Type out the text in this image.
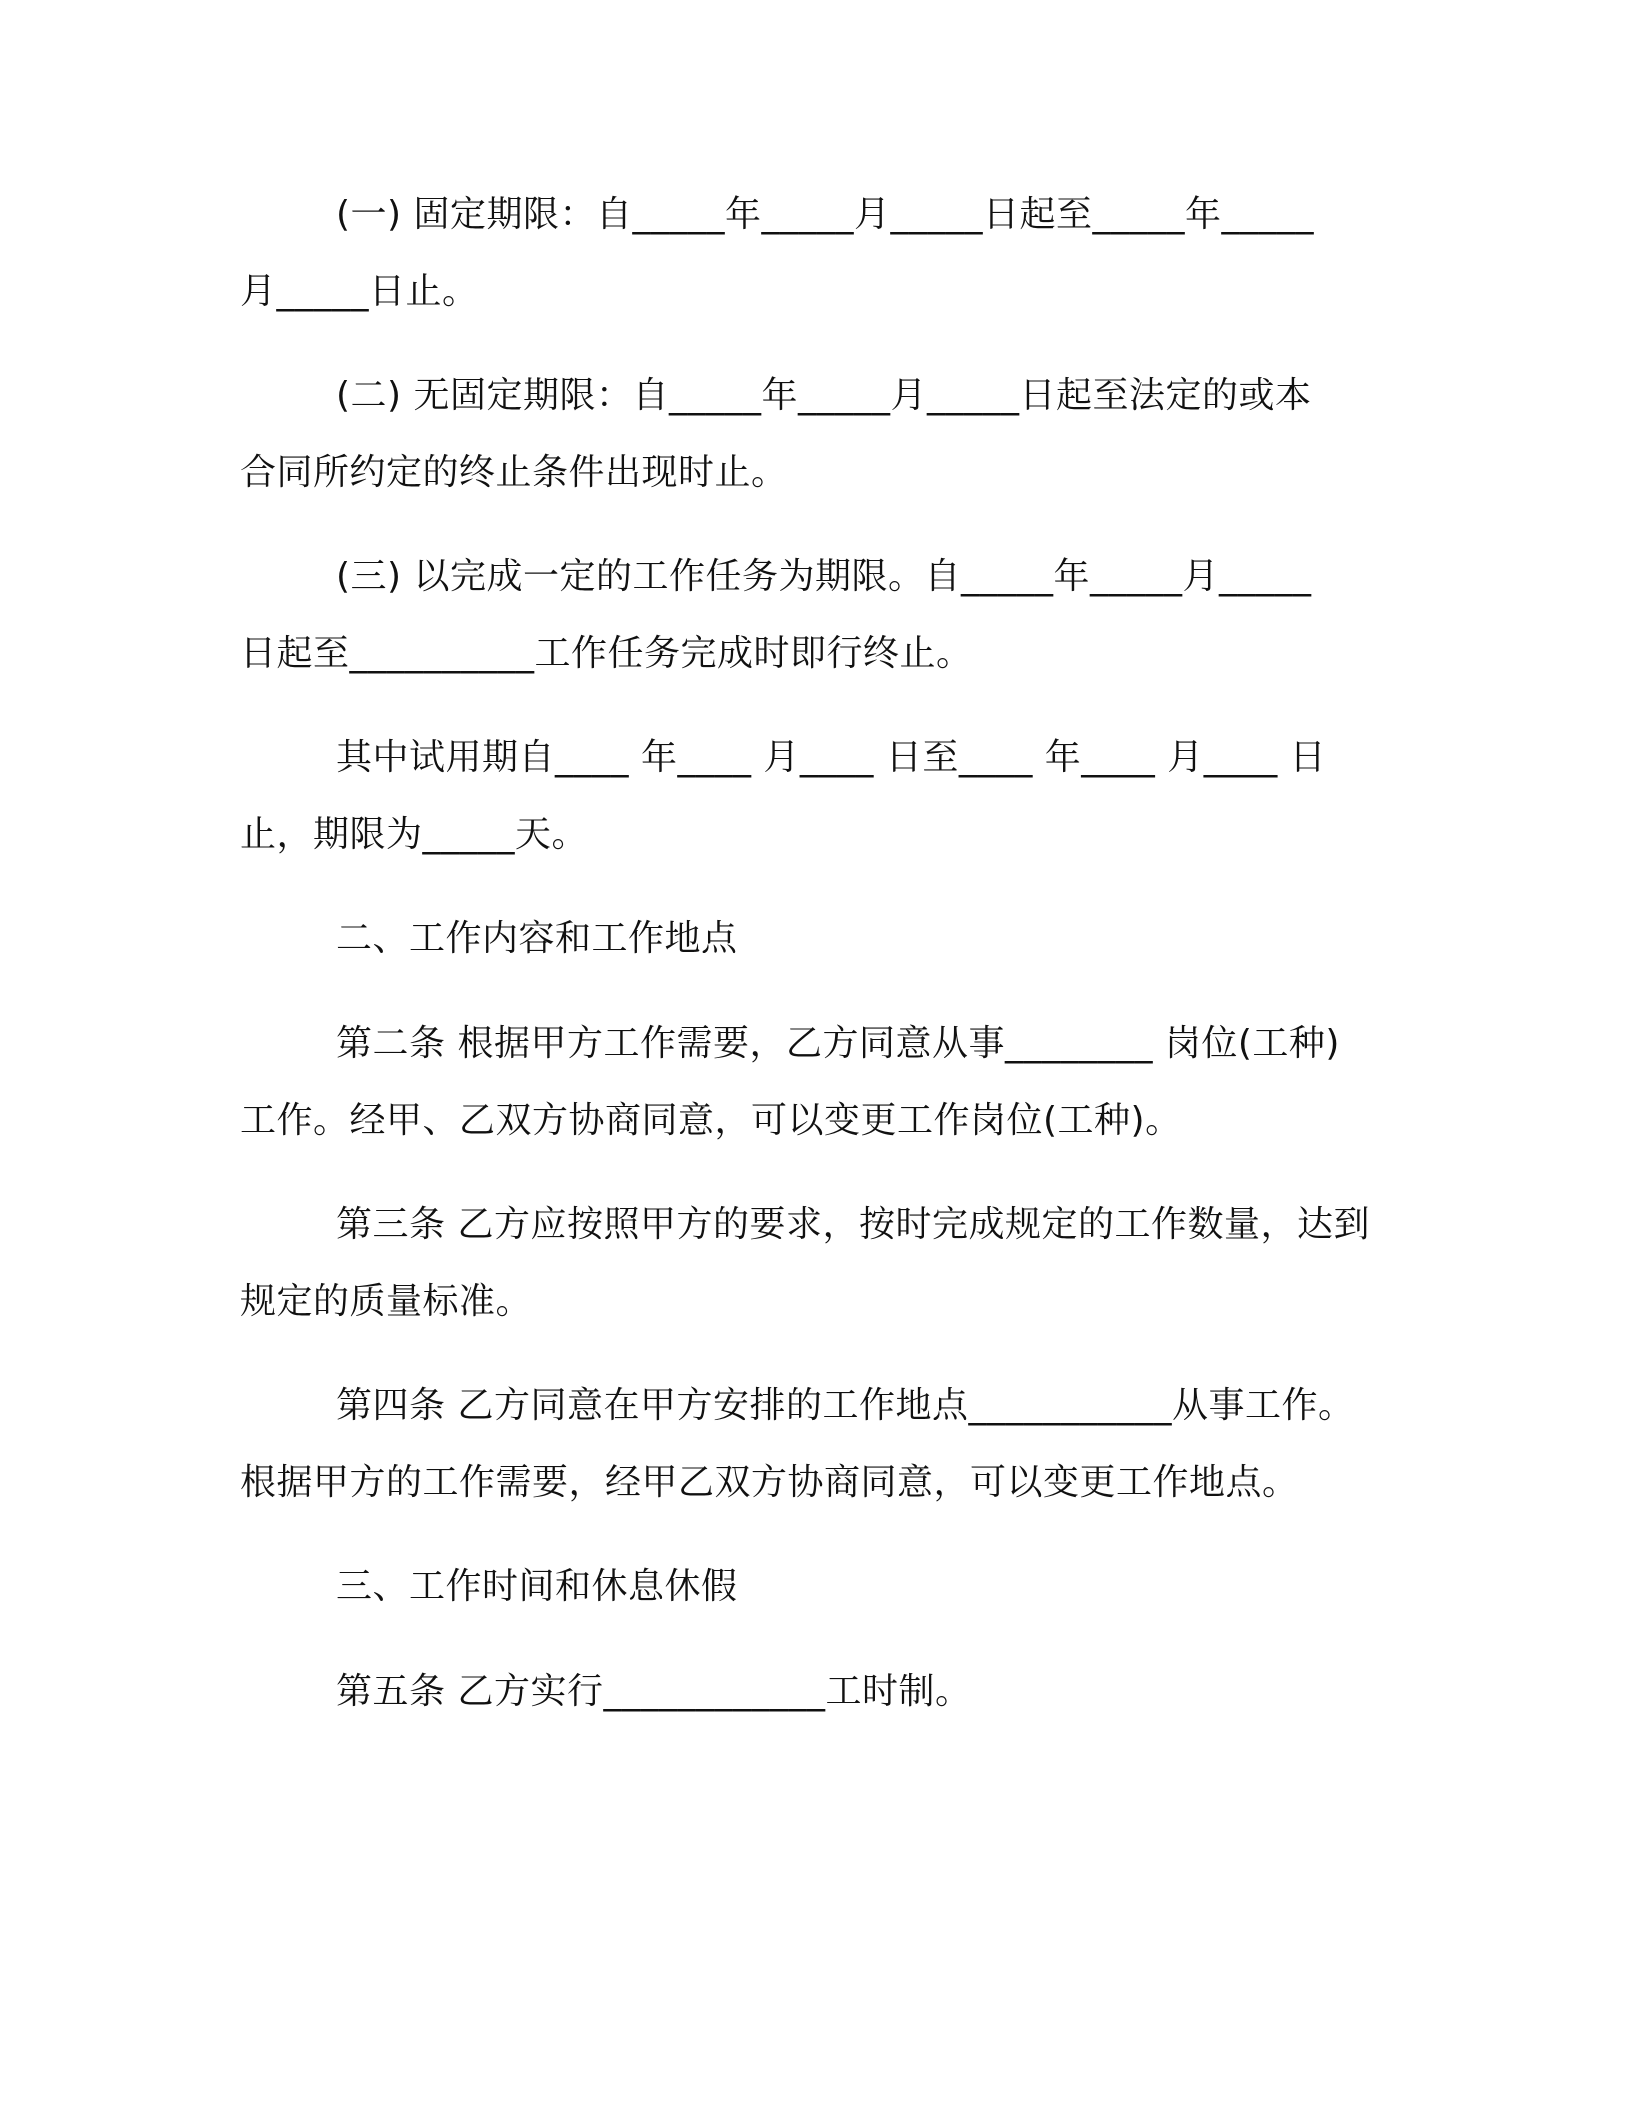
(一) 固定期限：自_____年_____月_____日起至_____年_____
月_____日止。
(二) 无固定期限：自_____年_____月_____日起至法定的或本
合同所约定的终止条件出现时止。
(三) 以完成一定的工作任务为期限。自_____年_____月_____
日起至__________工作任务完成时即行终止。
其中试用期自____ 年____ 月____ 日至____ 年____ 月____ 日
止，期限为_____天。
二、工作内容和工作地点
第二条 根据甲方工作需要，乙方同意从事________ 岗位(工种)
工作。经甲、乙双方协商同意，可以变更工作岗位(工种)。
第三条 乙方应按照甲方的要求，按时完成规定的工作数量，达到
规定的质量标准。
第四条 乙方同意在甲方安排的工作地点___________从事工作。
根据甲方的工作需要，经甲乙双方协商同意，可以变更工作地点。
三、工作时间和休息休假
第五条 乙方实行____________工时制。
